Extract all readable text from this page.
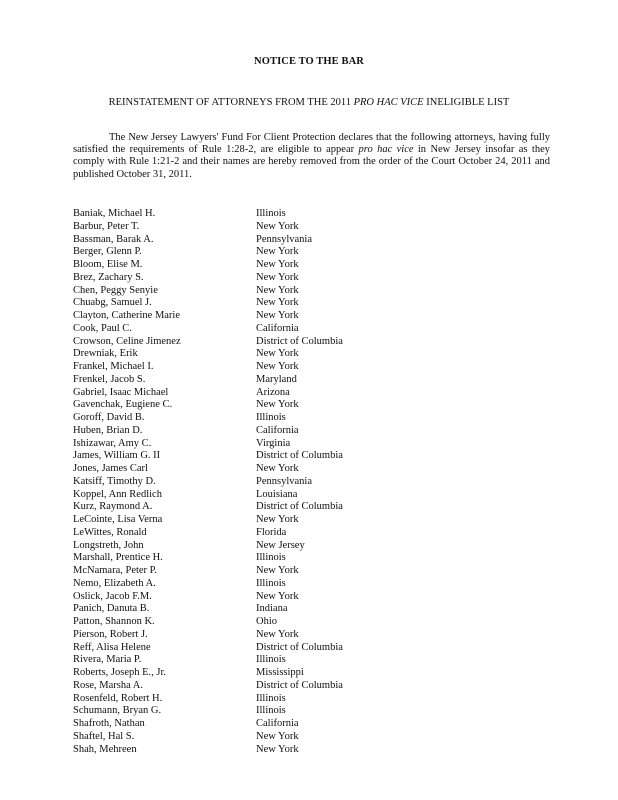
NOTICE TO THE BAR
REINSTATEMENT OF ATTORNEYS FROM THE 2011 PRO HAC VICE INELIGIBLE LIST

The New Jersey Lawyers' Fund For Client Protection declares that the following attorneys, having fully satisfied the requirements of Rule 1:28-2, are eligible to appear pro hac vice in New Jersey insofar as they comply with Rule 1:21-2 and their names are hereby removed from the order of the Court October 24, 2011 and published October 31, 2011.

Baniak, Michael H.	Illinois
Barbur, Peter T.	New York
Bassman, Barak A.	Pennsylvania
Berger, Glenn P.	New York
Bloom, Elise M.	New York
Brez, Zachary S.	New York
Chen, Peggy Senyie	New York
Chuabg, Samuel J.	New York
Clayton, Catherine Marie	New York
Cook, Paul C.	California
Crowson, Celine Jimenez	District of Columbia
Drewniak, Erik	New York
Frankel, Michael I.	New York
Frenkel, Jacob S.	Maryland
Gabriel, Isaac Michael	Arizona
Gavenchak, Eugiene C.	New York
Goroff, David B.	Illinois
Huben, Brian D.	California
Ishizawar, Amy C.	Virginia
James, William G. II	District of Columbia
Jones, James Carl	New York
Katsiff, Timothy D.	Pennsylvania
Koppel, Ann Redlich	Louisiana
Kurz, Raymond A.	District of Columbia
LeCointe, Lisa Verna	New York
LeWittes, Ronald	Florida
Longstreth, John	New Jersey
Marshall, Prentice H.	Illinois
McNamara, Peter P.	New York
Nemo, Elizabeth A.	Illinois
Oslick, Jacob F.M.	New York
Panich, Danuta B.	Indiana
Patton, Shannon K.	Ohio
Pierson, Robert J.	New York
Reff, Alisa Helene	District of Columbia
Rivera, Maria P.	Illinois
Roberts, Joseph E., Jr.	Mississippi
Rose, Marsha A.	District of Columbia
Rosenfeld, Robert H.	Illinois
Schumann, Bryan G.	Illinois
Shafroth, Nathan	California
Shaftel, Hal S.	New York
Shah, Mehreen	New York
